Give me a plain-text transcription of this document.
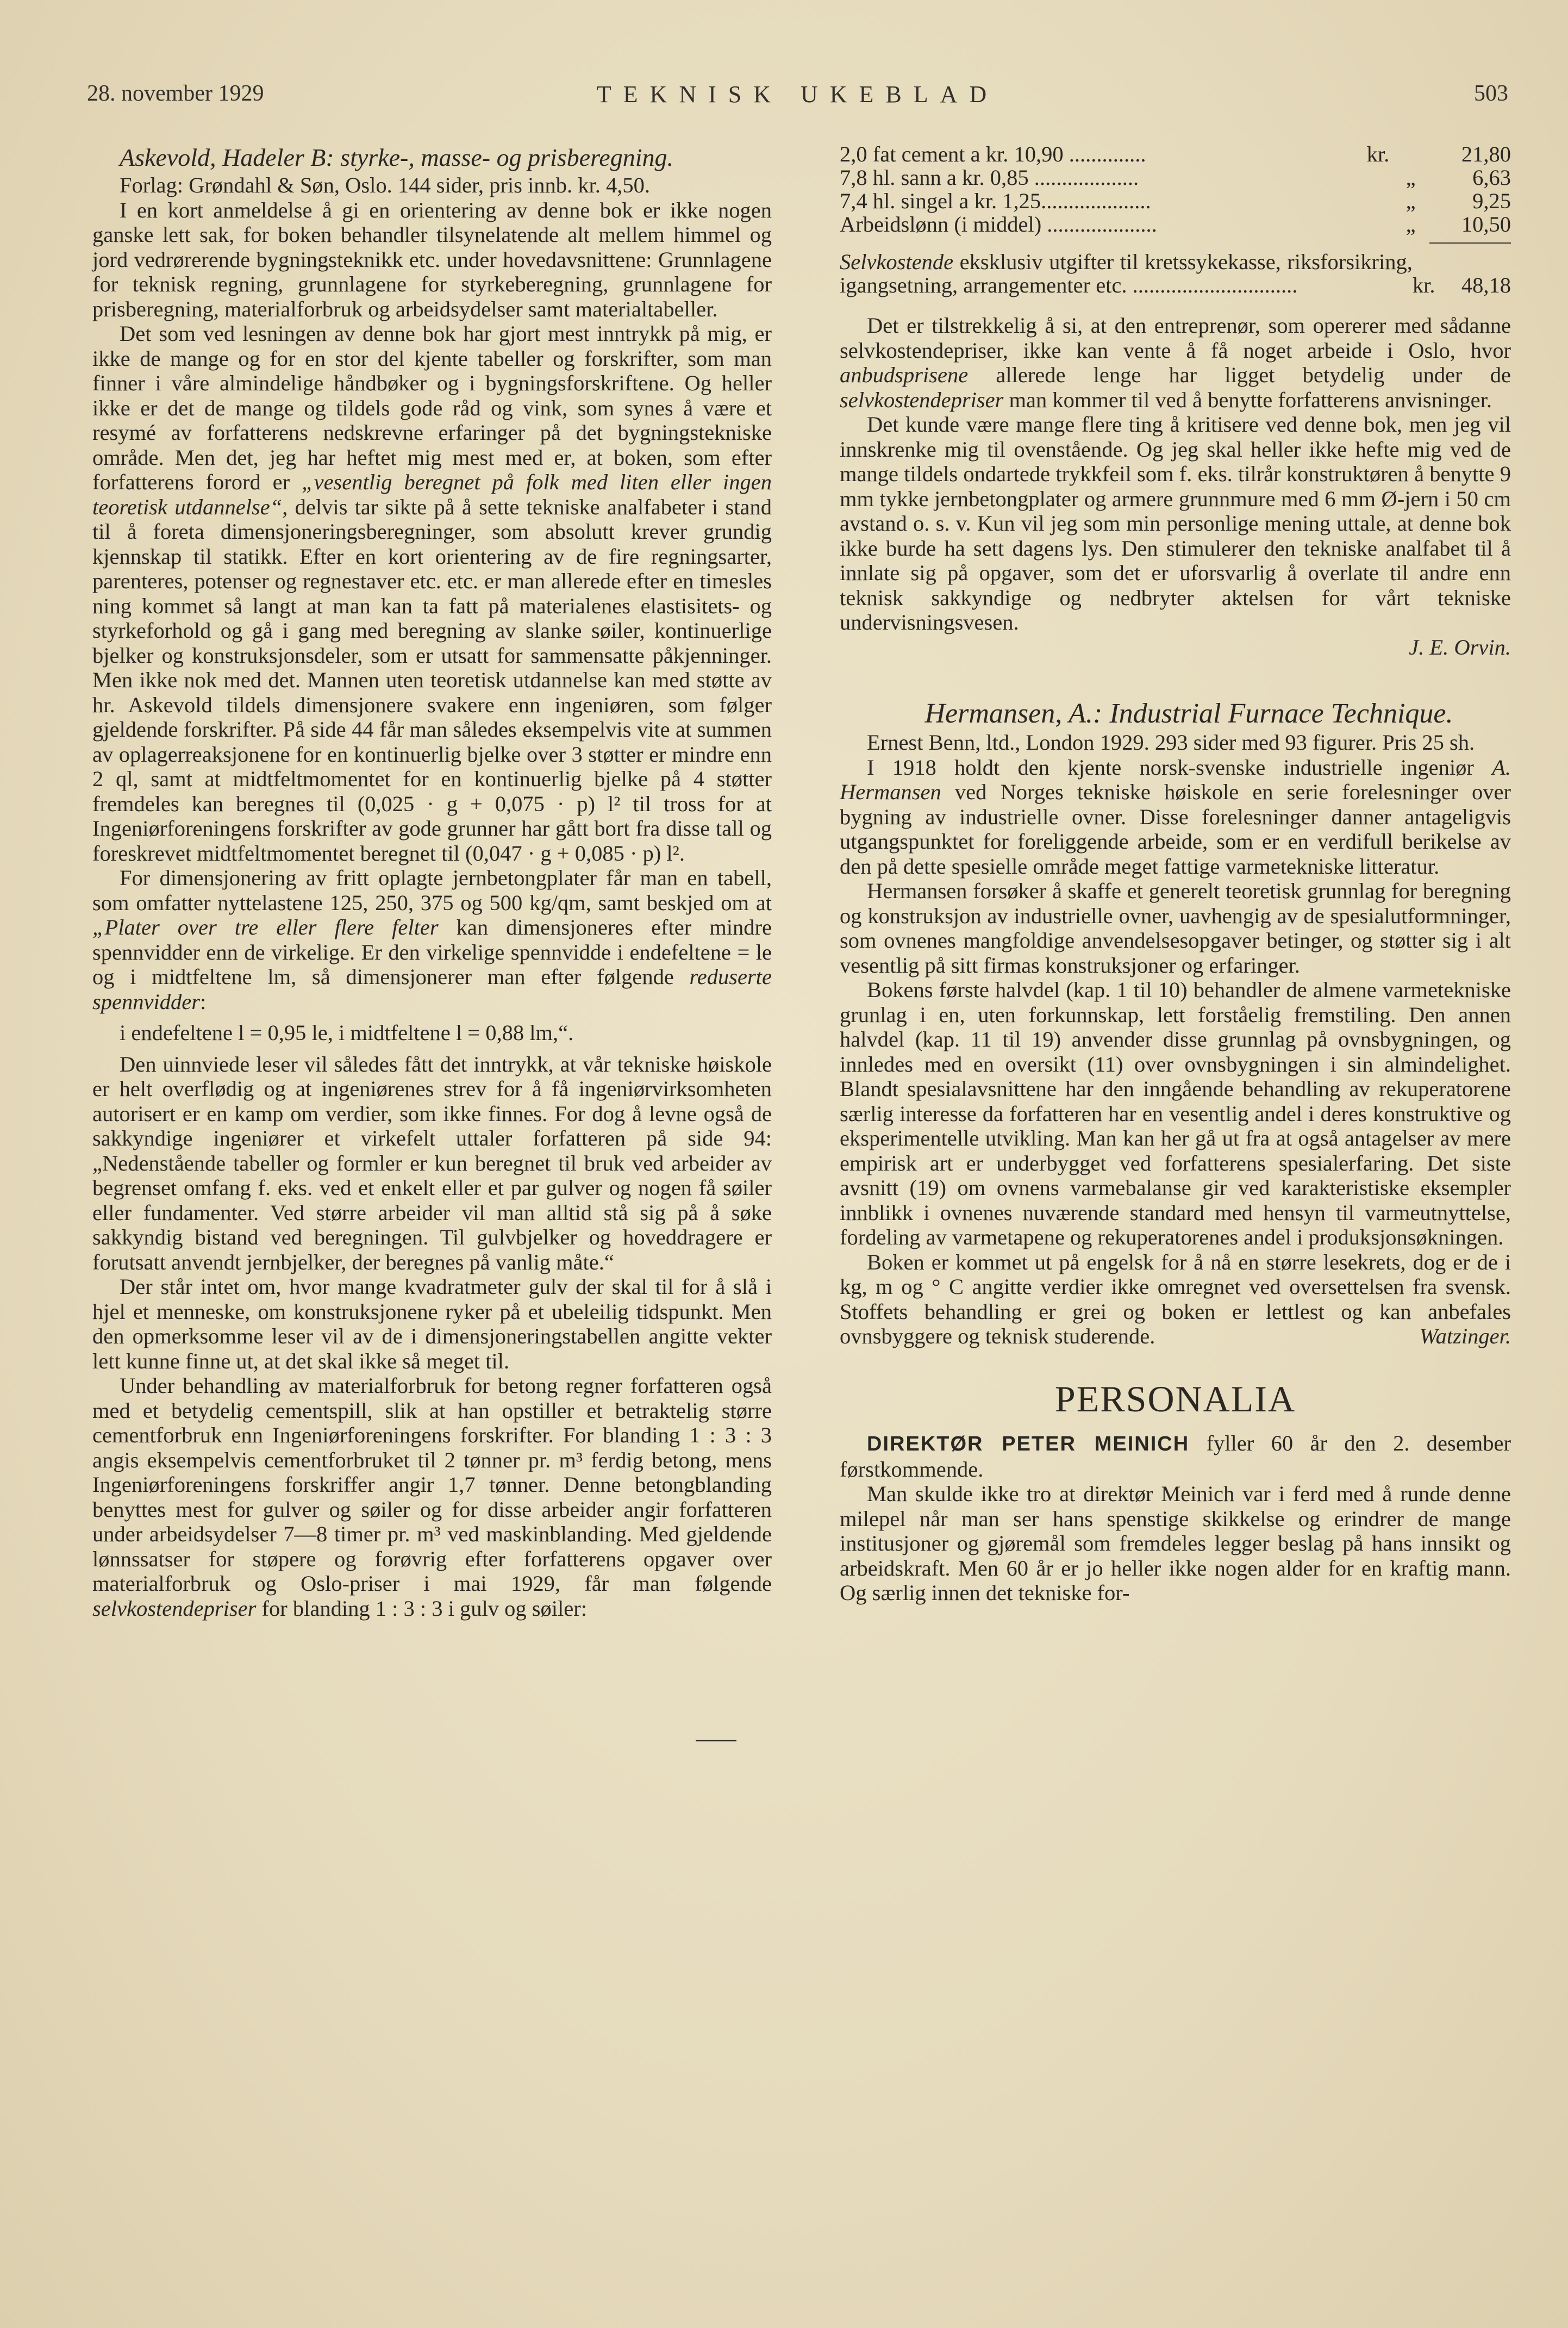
28. november 1929	TEKNISK UKEBLAD	503

Askevold, Hadeler B: styrke-, masse- og prisberegning.

Forlag: Grøndahl & Søn, Oslo. 144 sider, pris innb. kr. 4,50.

I en kort anmeldelse å gi en orientering av denne bok er ikke nogen ganske lett sak, for boken behandler tilsynelatende alt mellem himmel og jord vedrørerende bygningsteknikk etc. under hovedavsnittene: Grunnlagene for teknisk regning, grunnlagene for styrkeberegning, grunnlagene for prisberegning, materialforbruk og arbeidsydelser samt materialtabeller.

Det som ved lesningen av denne bok har gjort mest inntrykk på mig, er ikke de mange og for en stor del kjente tabeller og forskrifter, som man finner i våre almindelige håndbøker og i bygningsforskriftene. Og heller ikke er det de mange og tildels gode råd og vink, som synes å være et resymé av forfatterens nedskrevne erfaringer på det bygningstekniske område. Men det, jeg har heftet mig mest med er, at boken, som efter forfatterens forord er „vesentlig beregnet på folk med liten eller ingen teoretisk utdannelse“, delvis tar sikte på å sette tekniske analfabeter i stand til å foreta dimensjoneringsberegninger, som absolutt krever grundig kjennskap til statikk. Efter en kort orientering av de fire regningsarter, parenteres, potenser og regnestaver etc. etc. er man allerede efter en timesles ning kommet så langt at man kan ta fatt på materialenes elastisitets- og styrkeforhold og gå i gang med beregning av slanke søiler, kontinuerlige bjelker og konstruksjonsdeler, som er utsatt for sammensatte påkjenninger. Men ikke nok med det. Mannen uten teoretisk utdannelse kan med støtte av hr. Askevold tildels dimensjonere svakere enn ingeniøren, som følger gjeldende forskrifter. På side 44 får man således eksempelvis vite at summen av oplagerreaksjonene for en kontinuerlig bjelke over 3 støtter er mindre enn 2 ql, samt at midtfeltmomentet for en kontinuerlig bjelke på 4 støtter fremdeles kan beregnes til (0,025 · g + 0,075 · p) l² til tross for at Ingeniørforeningens forskrifter av gode grunner har gått bort fra disse tall og foreskrevet midtfeltmomentet beregnet til (0,047 · g + 0,085 · p) l².

For dimensjonering av fritt oplagte jernbetongplater får man en tabell, som omfatter nyttelastene 125, 250, 375 og 500 kg/qm, samt beskjed om at „Plater over tre eller flere felter kan dimensjoneres efter mindre spennvidder enn de virkelige. Er den virkelige spennvidde i endefeltene = le og i midtfeltene lm, så dimensjonerer man efter følgende reduserte spennvidder:

i endefeltene l = 0,95 le, i midtfeltene l = 0,88 lm,“.

Den uinnviede leser vil således fått det inntrykk, at vår tekniske høiskole er helt overflødig og at ingeniørenes strev for å få ingeniørvirksomheten autorisert er en kamp om verdier, som ikke finnes. For dog å levne også de sakkyndige ingeniører et virkefelt uttaler forfatteren på side 94: „Nedenstående tabeller og formler er kun beregnet til bruk ved arbeider av begrenset omfang f. eks. ved et enkelt eller et par gulver og nogen få søiler eller fundamenter. Ved større arbeider vil man alltid stå sig på å søke sakkyndig bistand ved beregningen. Til gulvbjelker og hoveddragere er forutsatt anvendt jernbjelker, der beregnes på vanlig måte.“

Der står intet om, hvor mange kvadratmeter gulv der skal til for å slå i hjel et menneske, om konstruksjonene ryker på et ubeleilig tidspunkt. Men den opmerksomme leser vil av de i dimensjoneringstabellen angitte vekter lett kunne finne ut, at det skal ikke så meget til.

Under behandling av materialforbruk for betong regner forfatteren også med et betydelig cementspill, slik at han opstiller et betraktelig større cementforbruk enn Ingeniørforeningens forskrifter. For blanding 1 : 3 : 3 angis eksempelvis cementforbruket til 2 tønner pr. m³ ferdig betong, mens Ingeniørforeningens forskriffer angir 1,7 tønner. Denne betongblanding benyttes mest for gulver og søiler og for disse arbeider angir forfatteren under arbeidsydelser 7—8 timer pr. m³ ved maskinblanding. Med gjeldende lønnssatser for støpere og forøvrig efter forfatterens opgaver over materialforbruk og Oslo-priser i mai 1929, får man følgende selvkostendepriser for blanding 1 : 3 : 3 i gulv og søiler:

2,0 fat cement a kr. 10,90 ..............	kr.	21,80
7,8 hl. sann a kr. 0,85 ...................	„	6,63
7,4 hl. singel a kr. 1,25....................	„	9,25
Arbeidslønn (i middel) ....................	„	10,50
Selvkostende eksklusiv utgifter til kretssykekasse, riksforsikring, igangsetning, arrangementer etc. ..............................	kr.	48,18

Det er tilstrekkelig å si, at den entreprenør, som opererer med sådanne selvkostendepriser, ikke kan vente å få noget arbeide i Oslo, hvor anbudsprisene allerede lenge har ligget betydelig under de selvkostendepriser man kommer til ved å benytte forfatterens anvisninger.

Det kunde være mange flere ting å kritisere ved denne bok, men jeg vil innskrenke mig til ovenstående. Og jeg skal heller ikke hefte mig ved de mange tildels ondartede trykkfeil som f. eks. tilrår konstruktøren å benytte 9 mm tykke jernbetongplater og armere grunnmure med 6 mm Ø-jern i 50 cm avstand o. s. v. Kun vil jeg som min personlige mening uttale, at denne bok ikke burde ha sett dagens lys. Den stimulerer den tekniske analfabet til å innlate sig på opgaver, som det er uforsvarlig å overlate til andre enn teknisk sakkyndige og nedbryter aktelsen for vårt tekniske undervisningsvesen.

J. E. Orvin.

Hermansen, A.: Industrial Furnace Technique.

Ernest Benn, ltd., London 1929. 293 sider med 93 figurer. Pris 25 sh.

I 1918 holdt den kjente norsk-svenske industrielle ingeniør A. Hermansen ved Norges tekniske høiskole en serie forelesninger over bygning av industrielle ovner. Disse forelesninger danner antageligvis utgangspunktet for foreliggende arbeide, som er en verdifull berikelse av den på dette spesielle område meget fattige varmetekniske litteratur.

Hermansen forsøker å skaffe et generelt teoretisk grunnlag for beregning og konstruksjon av industrielle ovner, uavhengig av de spesialutformninger, som ovnenes mangfoldige anvendelsesopgaver betinger, og støtter sig i alt vesentlig på sitt firmas konstruksjoner og erfaringer.

Bokens første halvdel (kap. 1 til 10) behandler de almene varmetekniske grunlag i en, uten forkunnskap, lett forståelig fremstiling. Den annen halvdel (kap. 11 til 19) anvender disse grunnlag på ovnsbygningen, og innledes med en oversikt (11) over ovnsbygningen i sin almindelighet. Blandt spesialavsnittene har den inngående behandling av rekuperatorene særlig interesse da forfatteren har en vesentlig andel i deres konstruktive og eksperimentelle utvikling. Man kan her gå ut fra at også antagelser av mere empirisk art er underbygget ved forfatterens spesialerfaring. Det siste avsnitt (19) om ovnens varmebalanse gir ved karakteristiske eksempler innblikk i ovnenes nuværende standard med hensyn til varmeutnyttelse, fordeling av varmetapene og rekuperatorenes andel i produksjonsøkningen.

Boken er kommet ut på engelsk for å nå en større lesekrets, dog er de i kg, m og ° C angitte verdier ikke omregnet ved oversettelsen fra svensk. Stoffets behandling er grei og boken er lettlest og kan anbefales ovnsbyggere og teknisk studerende.	Watzinger.

PERSONALIA

DIREKTØR PETER MEINICH fyller 60 år den 2. desember førstkommende.

Man skulde ikke tro at direktør Meinich var i ferd med å runde denne milepel når man ser hans spenstige skikkelse og erindrer de mange institusjoner og gjøremål som fremdeles legger beslag på hans innsikt og arbeidskraft. Men 60 år er jo heller ikke nogen alder for en kraftig mann. Og særlig innen det tekniske for-
